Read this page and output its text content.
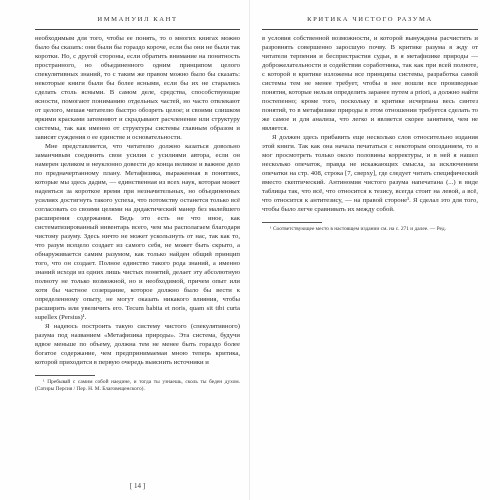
ИММАНУИЛ КАНТ

необходимым для того, чтобы ее понять, то о многих книгах можно было бы сказать: они были бы гораздо короче, если бы они не были так коротки. Но, с другой стороны, если обратить внимание на понятность пространного, но объединенного одним принципом целого спекулятивных знаний, то с таким же правом можно было бы сказать: некоторые книги были бы более ясными, если бы их не старались сделать столь ясными. В самом деле, средства, способствующие ясности, помогают пониманию отдельных частей, но часто отвлекают от целого, мешая читателю быстро обозреть целое; и своими слишком яркими красками затемняют и скрадывают расчленение или структуру системы, так как именно от структуры системы главным образом и зависят суждения о ее единстве и основательности.

Мне представляется, что читателю должно казаться довольно заманчивым соединить свои усилия с усилиями автора, если он намерен целиком и неуклонно довести до конца великое и важное дело по предначертанному плану. Метафизика, выраженная в понятиях, которые мы здесь дадим, — единственная из всех наук, которая может надеяться за короткое время при незначительных, но объединенных усилиях достигнуть такого успеха, что потомству останется только всё согласовать со своими целями на дидактический манер без малейшего расширения содержания. Ведь это есть не что иное, как систематизированный инвентарь всего, чем мы располагаем благодаря чистому разуму. Здесь ничто не может ускользнуть от нас, так как то, что разум всецело создает из самого себя, не может быть скрыто, а обнаруживается самим разумом, как только найден общий принцип того, что он создает. Полное единство такого рода знаний, а именно знаний исходя из одних лишь чистых понятий, делает эту абсолютную полноту не только возможной, но и необходимой, причем опыт или хотя бы частное созерцание, которое должно было бы вести к определенному опыту, не могут оказать никакого влияния, чтобы расширить или увеличить его. Tecum habita et noris, quam sit tibi curta supellex (Persius)¹.

Я надеюсь построить такую систему чистого (спекулятивного) разума под названием «Метафизика природы». Эта система, будучи вдвое меньше по объему, должна тем не менее быть гораздо более богатое содержание, чем предпринимаемая мною теперь критика, которой приходится в первую очередь выяснить источники и

¹ Пребывай с самим собой наедине, и тогда ты узнаешь, сколь ты беден духом. (Сатиры Персия / Пер. Н. М. Благовещенского).
[ 14 ]
КРИТИКА ЧИСТОГО РАЗУМА

в условия собственной возможности, и которой вынуждена расчистить и разровнять совершенно заросшую почву. В критике разума я жду от читателя терпения и беспристрастия судьи, в я метафизике природы — доброжелательности и содействия соработника, так как при всей полноте, с которой в критике изложены все принципы системы, разработка самой системы тем не менее требует, чтобы в нее вошли все производные понятия, которые нельзя определить заранее путем a priori, а должно найти постепенно; кроме того, поскольку в критике исчерпана весь синтез понятий, то в метафизике природы в этом отношении требуется сделать то же самое и для анализа, что легко и является скорее занятием, чем не является.

Я должен здесь прибавить еще несколько слов относительно издания этой книги. Так как она начала печататься с некоторым опозданием, то я мог просмотреть только около половины корректуры, и в ней я нашел несколько опечаток, правда не искажающих смысла, за исключением опечатки на стр. 408, строка [7, сверху], где следует читать специфический вместо скептический. Антиномия чистого разума напечатана (...) в виде таблицы так, что всё, что относится к тезису, всегда стоит на левой, а всё, что относится к антитезису, — на правой стороне¹. Я сделал это для того, чтобы было легче сравнивать их между собой.

¹ Соответствующее место в настоящем издании см. на с. 271 и далее. — Ред.
